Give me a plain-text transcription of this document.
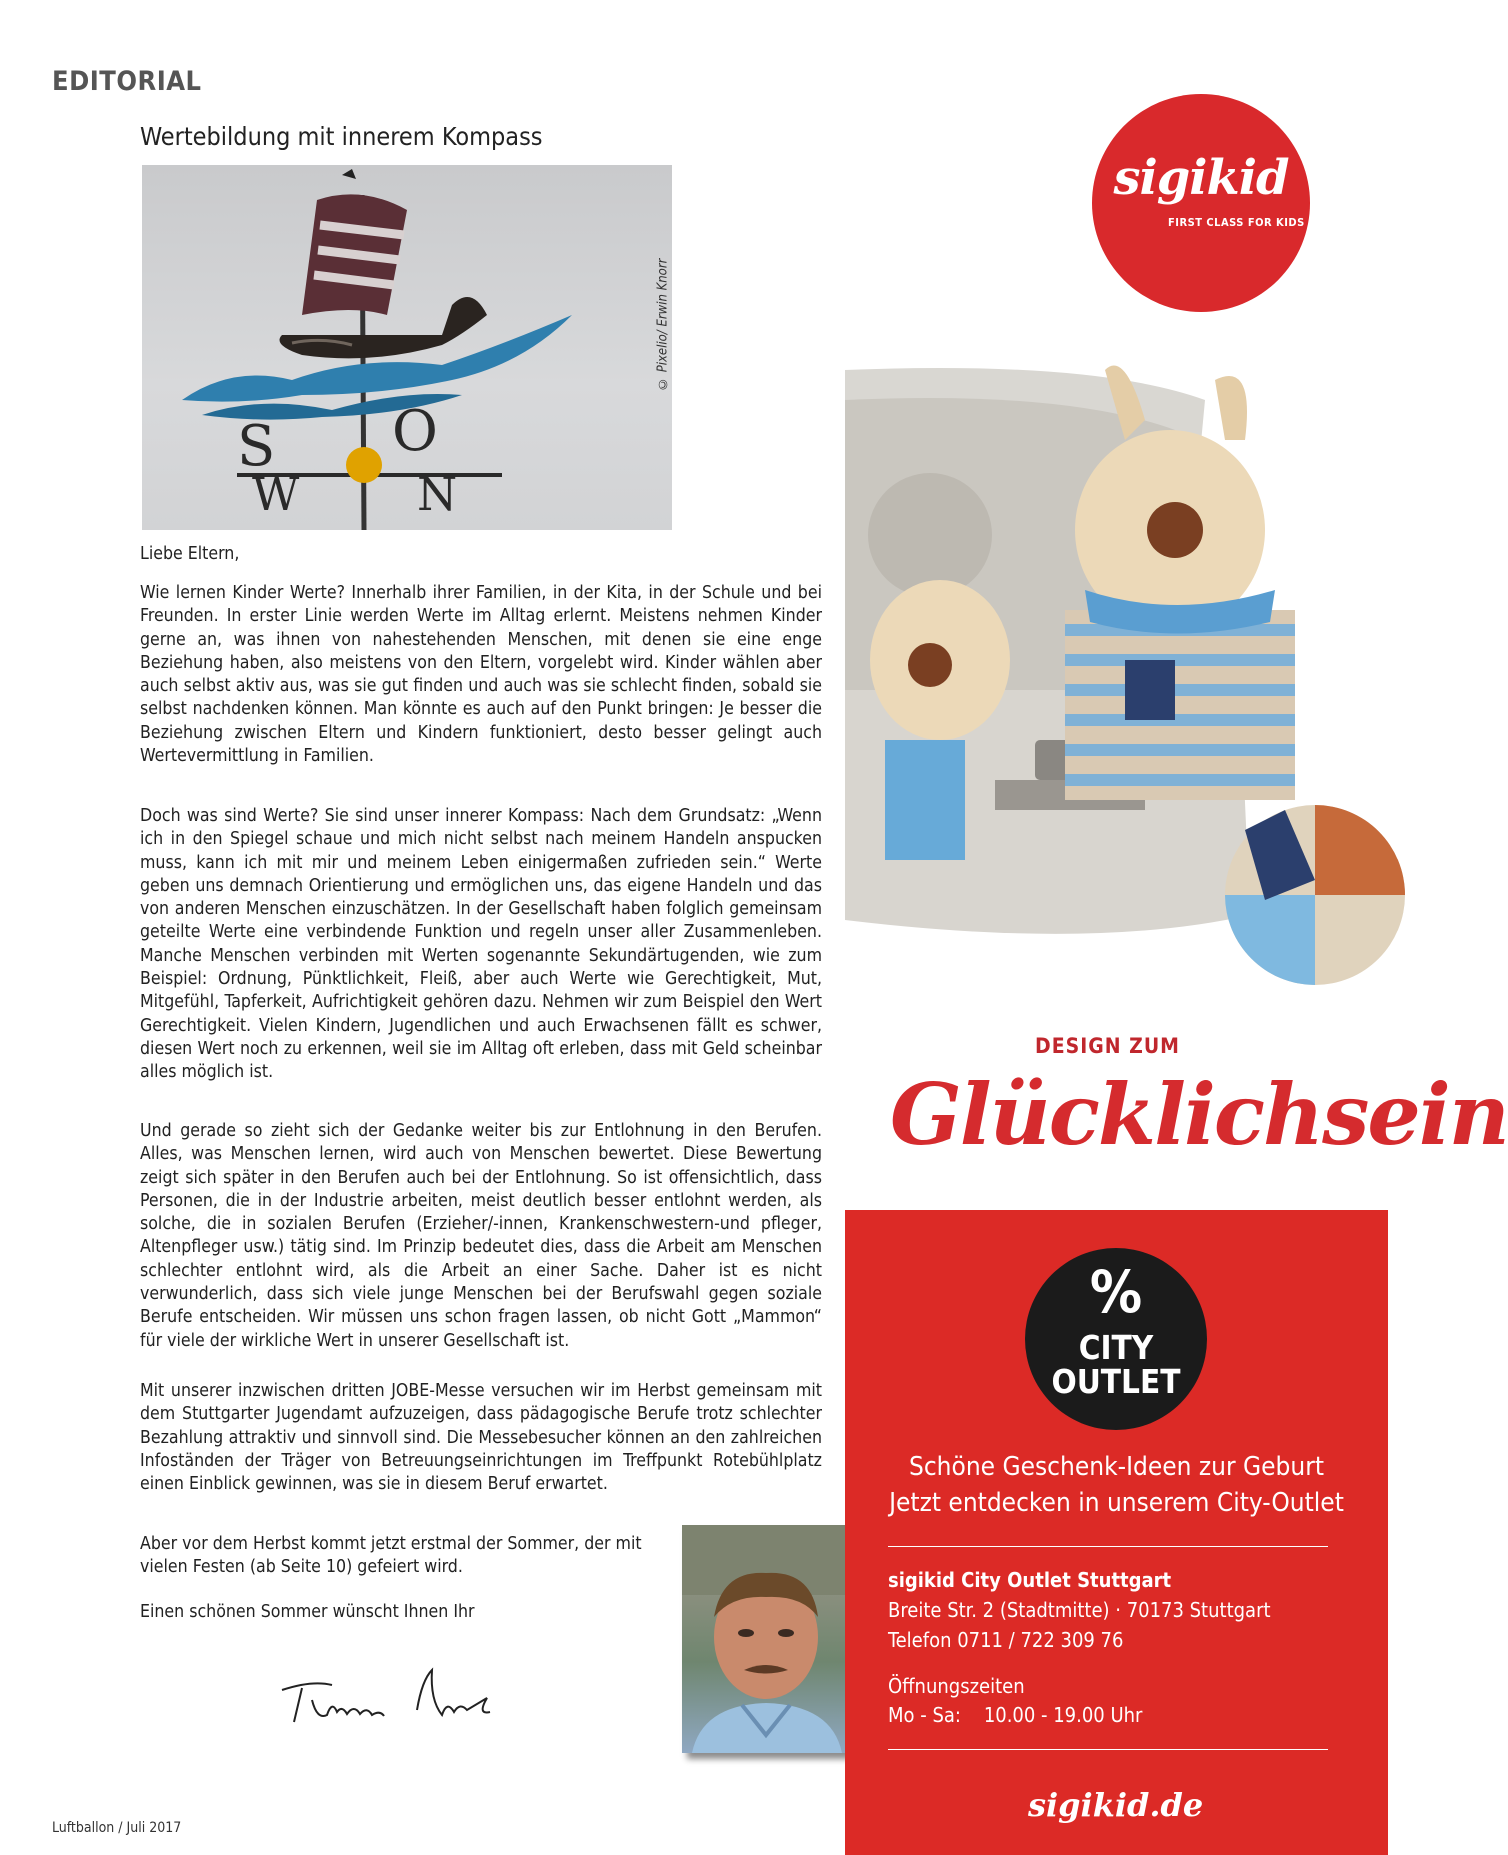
EDITORIAL
Wertebildung mit innerem Kompass
S O
W	N
© Pixelio/ Erwin Knorr
Liebe Eltern,
Wie lernen Kinder Werte? Innerhalb ihrer Familien, in der Kita, in der Schule und bei Freunden. In erster Linie werden Werte im Alltag erlernt. Meistens nehmen Kinder gerne an, was ihnen von nahestehenden Menschen, mit denen sie eine enge Beziehung haben, also meistens von den Eltern, vorgelebt wird. Kinder wählen aber auch selbst aktiv aus, was sie gut finden und auch was sie schlecht finden, sobald sie selbst nachdenken können. Man könnte es auch auf den Punkt bringen: Je besser die Beziehung zwischen Eltern und Kindern funktioniert, desto besser gelingt auch Wertevermittlung in Familien.
Doch was sind Werte? Sie sind unser innerer Kompass: Nach dem Grundsatz: „Wenn ich in den Spiegel schaue und mich nicht selbst nach meinem Handeln anspucken muss, kann ich mit mir und meinem Leben einigermaßen zufrieden sein.“ Werte geben uns demnach Orientierung und ermöglichen uns, das eigene Handeln und das von anderen Menschen einzuschätzen. In der Gesellschaft haben folglich gemeinsam geteilte Werte eine verbindende Funktion und regeln unser aller Zusammenleben. Manche Menschen verbinden mit Werten sogenannte Sekundärtugenden, wie zum Beispiel: Ordnung, Pünktlichkeit, Fleiß, aber auch Werte wie Gerechtigkeit, Mut, Mitgefühl, Tapferkeit, Aufrichtigkeit gehören dazu. Nehmen wir zum Beispiel den Wert Gerechtigkeit. Vielen Kindern, Jugendlichen und auch Erwachsenen fällt es schwer, diesen Wert noch zu erkennen, weil sie im Alltag oft erleben, dass mit Geld scheinbar alles möglich ist.
Und gerade so zieht sich der Gedanke weiter bis zur Entlohnung in den Berufen. Alles, was Menschen lernen, wird auch von Menschen bewertet. Diese Bewertung zeigt sich später in den Berufen auch bei der Entlohnung. So ist offensichtlich, dass Personen, die in der Industrie arbeiten, meist deutlich besser entlohnt werden, als solche, die in sozialen Berufen (Erzieher/-innen, Krankenschwestern-und pfleger, Altenpfleger usw.) tätig sind. Im Prinzip bedeutet dies, dass die Arbeit am Menschen schlechter entlohnt wird, als die Arbeit an einer Sache. Daher ist es nicht verwunderlich, dass sich viele junge Menschen bei der Berufswahl gegen soziale Berufe entscheiden. Wir müssen uns schon fragen lassen, ob nicht Gott „Mammon“ für viele der wirkliche Wert in unserer Gesellschaft ist.
Mit unserer inzwischen dritten JOBE-Messe versuchen wir im Herbst gemeinsam mit dem Stuttgarter Jugendamt aufzuzeigen, dass pädagogische Berufe trotz schlechter Bezahlung attraktiv und sinnvoll sind. Die Messebesucher können an den zahlreichen Infoständen der Träger von Betreuungseinrichtungen im Treffpunkt Rotebühlplatz einen Einblick gewinnen, was sie in diesem Beruf erwartet.
Aber vor dem Herbst kommt jetzt erstmal der Sommer, der mit vielen Festen (ab Seite 10) gefeiert wird.
Einen schönen Sommer wünscht Ihnen Ihr
Luftballon / Juli 2017
sigikid
FIRST CLASS FOR KIDS
DESIGN ZUM
Glücklichsein
%
CITY
OUTLET
Schöne Geschenk-Ideen zur Geburt
Jetzt entdecken in unserem City-Outlet
sigikid City Outlet Stuttgart
Breite Str. 2 (Stadtmitte) · 70173 Stuttgart
Telefon 0711 / 722 309 76
Öffnungszeiten
Mo - Sa:    10.00 - 19.00 Uhr
sigikid.de
